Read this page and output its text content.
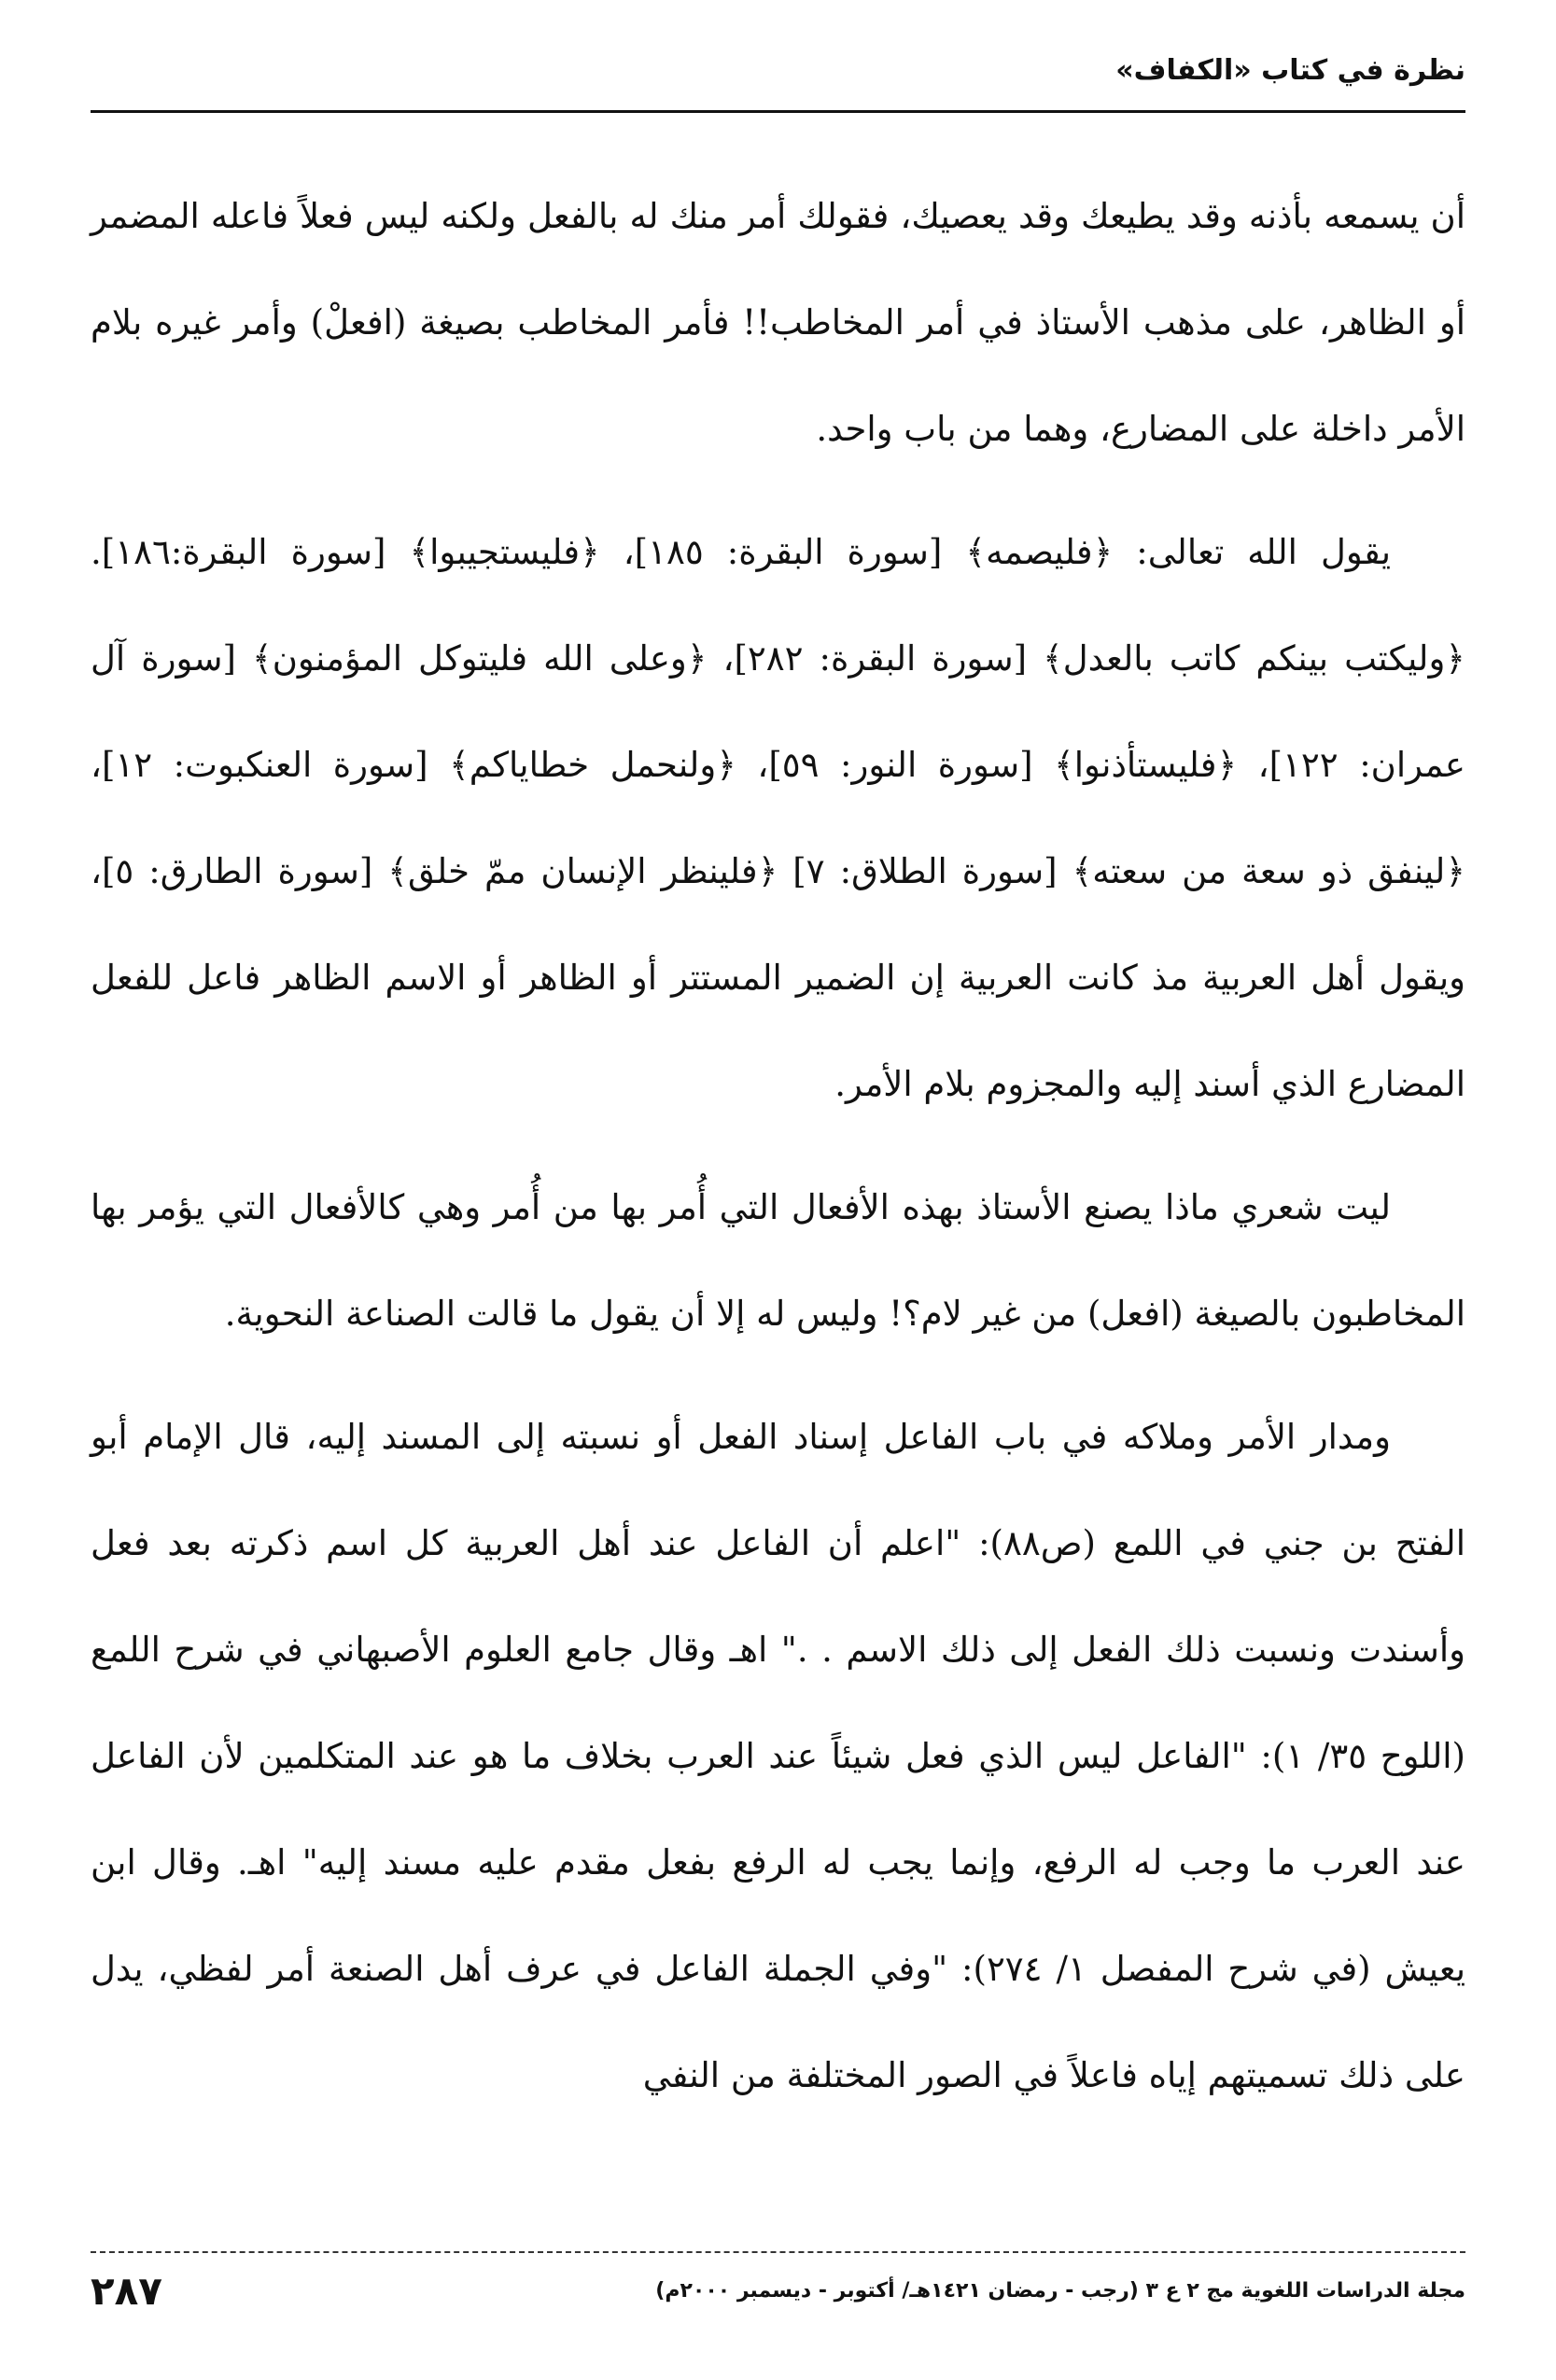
نظرة في كتاب «الكفاف»

أن يسمعه بأذنه وقد يطيعك وقد يعصيك، فقولك أمر منك له بالفعل ولكنه ليس فعلاً فاعله المضمر أو الظاهر، على مذهب الأستاذ في أمر المخاطب!! فأمر المخاطب بصيغة (افعلْ) وأمر غيره بلام الأمر داخلة على المضارع، وهما من باب واحد.

يقول الله تعالى: ﴿فليصمه﴾ [سورة البقرة: ١٨٥]، ﴿فليستجيبوا﴾ [سورة البقرة:١٨٦]. ﴿وليكتب بينكم كاتب بالعدل﴾ [سورة البقرة: ٢٨٢]، ﴿وعلى الله فليتوكل المؤمنون﴾ [سورة آل عمران: ١٢٢]، ﴿فليستأذنوا﴾ [سورة النور: ٥٩]، ﴿ولنحمل خطاياكم﴾ [سورة العنكبوت: ١٢]، ﴿لينفق ذو سعة من سعته﴾ [سورة الطلاق: ٧] ﴿فلينظر الإنسان ممّ خلق﴾ [سورة الطارق: ٥]، ويقول أهل العربية مذ كانت العربية إن الضمير المستتر أو الظاهر أو الاسم الظاهر فاعل للفعل المضارع الذي أسند إليه والمجزوم بلام الأمر.

ليت شعري ماذا يصنع الأستاذ بهذه الأفعال التي أُمر بها من أُمر وهي كالأفعال التي يؤمر بها المخاطبون بالصيغة (افعل) من غير لام؟! وليس له إلا أن يقول ما قالت الصناعة النحوية.

ومدار الأمر وملاكه في باب الفاعل إسناد الفعل أو نسبته إلى المسند إليه، قال الإمام أبو الفتح بن جني في اللمع (ص٨٨): "اعلم أن الفاعل عند أهل العربية كل اسم ذكرته بعد فعل وأسندت ونسبت ذلك الفعل إلى ذلك الاسم . ." اهـ وقال جامع العلوم الأصبهاني في شرح اللمع (اللوح ٣٥/ ١): "الفاعل ليس الذي فعل شيئاً عند العرب بخلاف ما هو عند المتكلمين لأن الفاعل عند العرب ما وجب له الرفع، وإنما يجب له الرفع بفعل مقدم عليه مسند إليه" اهـ. وقال ابن يعيش (في شرح المفصل ١/ ٢٧٤): "وفي الجملة الفاعل في عرف أهل الصنعة أمر لفظي، يدل على ذلك تسميتهم إياه فاعلاً في الصور المختلفة من النفي

٢٨٧	مجلة الدراسات اللغوية مج ٢ ع ٣ (رجب - رمضان ١٤٢١هـ/ أكتوبر - ديسمبر ٢٠٠٠م)
